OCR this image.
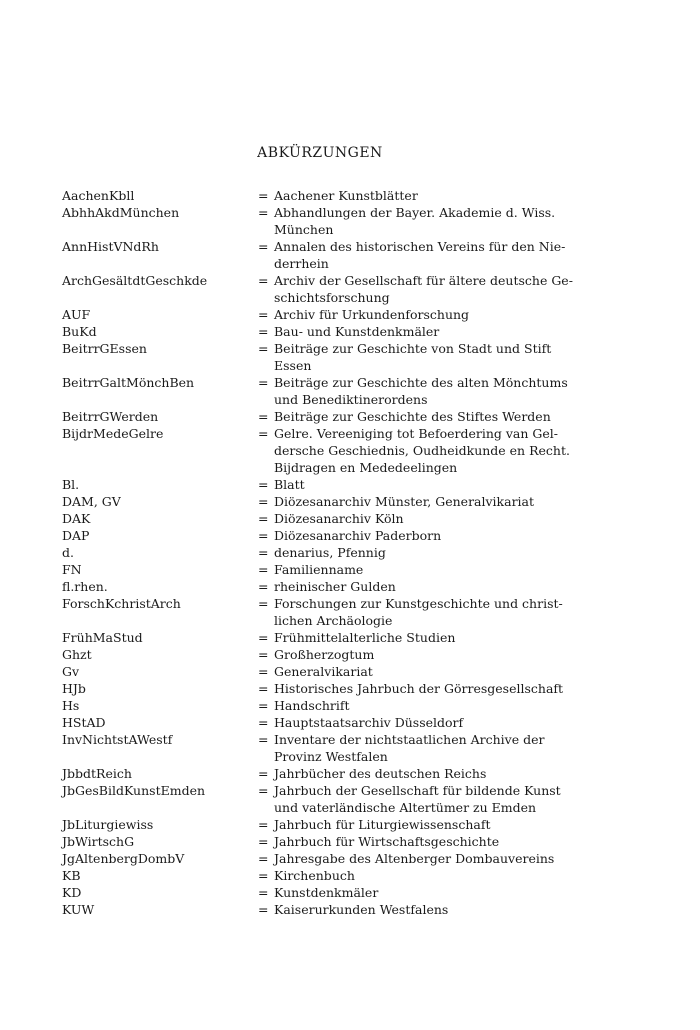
ABKÜRZUNGEN
AachenKbll	= Aachener Kunstblätter
AbhhAkdMünchen	= Abhandlungen der Bayer. Akademie d. Wiss.
München
AnnHistVNdRh	= Annalen des historischen Vereins für den Nie-
derrhein
ArchGesältdtGeschkde	= Archiv der Gesellschaft für ältere deutsche Ge-
schichtsforschung
AUF	= Archiv für Urkundenforschung
BuKd	= Bau- und Kunstdenkmäler
BeitrrGEssen	= Beiträge zur Geschichte von Stadt und Stift
Essen
BeitrrGaltMönchBen	= Beiträge zur Geschichte des alten Mönchtums
und Benediktinerordens
BeitrrGWerden	= Beiträge zur Geschichte des Stiftes Werden
BijdrMedeGelre	= Gelre. Vereeniging tot Befoerdering van Gel-
dersche Geschiednis, Oudheidkunde en Recht.
Bijdragen en Mededeelingen
Bl.	= Blatt
DAM, GV	= Diözesanarchiv Münster, Generalvikariat
DAK	= Diözesanarchiv Köln
DAP	= Diözesanarchiv Paderborn
d.	= denarius, Pfennig
FN	= Familienname
fl.rhen.	= rheinischer Gulden
ForschKchristArch	= Forschungen zur Kunstgeschichte und christ-
lichen Archäologie
FrühMaStud	= Frühmittelalterliche Studien
Ghzt	= Großherzogtum
Gv	= Generalvikariat
HJb	= Historisches Jahrbuch der Görresgesellschaft
Hs	= Handschrift
HStAD	= Hauptstaatsarchiv Düsseldorf
InvNichtstAWestf	= Inventare der nichtstaatlichen Archive der
Provinz Westfalen
JbbdtReich	= Jahrbücher des deutschen Reichs
JbGesBildKunstEmden	= Jahrbuch der Gesellschaft für bildende Kunst
und vaterländische Altertümer zu Emden
JbLiturgiewiss	= Jahrbuch für Liturgiewissenschaft
JbWirtschG	= Jahrbuch für Wirtschaftsgeschichte
JgAltenbergDombV	= Jahresgabe des Altenberger Dombauvereins
KB	= Kirchenbuch
KD	= Kunstdenkmäler
KUW	= Kaiserurkunden Westfalens
